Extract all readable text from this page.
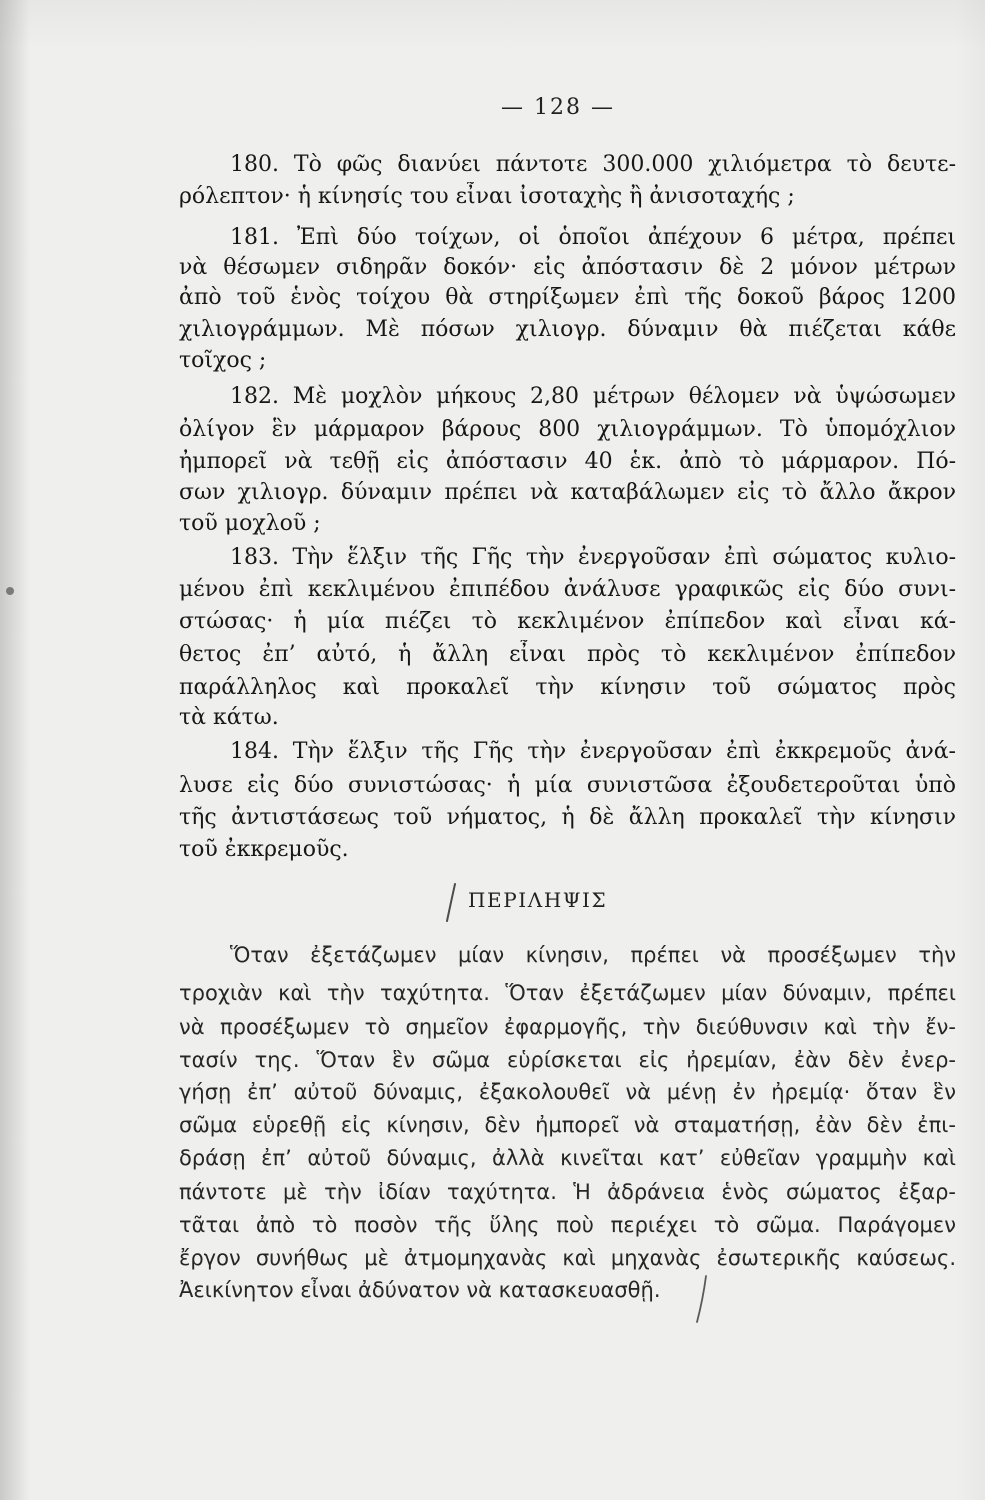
— 128 —
180. Τὸ φῶς διανύει πάντοτε 300.000 χιλιόμετρα τὸ δευτε-
ρόλεπτον· ἡ κίνησίς του εἶναι ἰσοταχὴς ἢ ἀνισοταχής ;
181. Ἐπὶ δύο τοίχων, οἱ ὁποῖοι ἀπέχουν 6 μέτρα, πρέπει
νὰ θέσωμεν σιδηρᾶν δοκόν· εἰς ἀπόστασιν δὲ 2 μόνον μέτρων
ἀπὸ τοῦ ἑνὸς τοίχου θὰ στηρίξωμεν ἐπὶ τῆς δοκοῦ βάρος 1200
χιλιογράμμων. Μὲ πόσων χιλιογρ. δύναμιν θὰ πιέζεται κάθε
τοῖχος ;
182. Μὲ μοχλὸν μήκους 2,80 μέτρων θέλομεν νὰ ὑψώσωμεν
ὀλίγον ἓν μάρμαρον βάρους 800 χιλιογράμμων. Τὸ ὑπομόχλιον
ἠμπορεῖ νὰ τεθῇ εἰς ἀπόστασιν 40 ἑκ. ἀπὸ τὸ μάρμαρον. Πό-
σων χιλιογρ. δύναμιν πρέπει νὰ καταβάλωμεν εἰς τὸ ἄλλο ἄκρον
τοῦ μοχλοῦ ;
183. Τὴν ἕλξιν τῆς Γῆς τὴν ἐνεργοῦσαν ἐπὶ σώματος κυλιο-
μένου ἐπὶ κεκλιμένου ἐπιπέδου ἀνάλυσε γραφικῶς εἰς δύο συνι-
στώσας· ἡ μία πιέζει τὸ κεκλιμένον ἐπίπεδον καὶ εἶναι κά-
θετος ἐπ’ αὐτό, ἡ ἄλλη εἶναι πρὸς τὸ κεκλιμένον ἐπίπεδον
παράλληλος καὶ προκαλεῖ τὴν κίνησιν τοῦ σώματος πρὸς
τὰ κάτω.
184. Τὴν ἕλξιν τῆς Γῆς τὴν ἐνεργοῦσαν ἐπὶ ἐκκρεμοῦς ἀνά-
λυσε εἰς δύο συνιστώσας· ἡ μία συνιστῶσα ἐξουδετεροῦται ὑπὸ
τῆς ἀντιστάσεως τοῦ νήματος, ἡ δὲ ἄλλη προκαλεῖ τὴν κίνησιν
τοῦ ἐκκρεμοῦς.
ΠΕΡΙΛΗΨΙΣ
Ὅταν ἐξετάζωμεν μίαν κίνησιν, πρέπει νὰ προσέξωμεν τὴν
τροχιὰν καὶ τὴν ταχύτητα. Ὅταν ἐξετάζωμεν μίαν δύναμιν, πρέπει
νὰ προσέξωμεν τὸ σημεῖον ἐφαρμογῆς, τὴν διεύθυνσιν καὶ τὴν ἔν-
τασίν της. Ὅταν ἓν σῶμα εὑρίσκεται εἰς ἠρεμίαν, ἐὰν δὲν ἐνερ-
γήσῃ ἐπ’ αὐτοῦ δύναμις, ἐξακολουθεῖ νὰ μένῃ ἐν ἠρεμίᾳ· ὅταν ἓν
σῶμα εὑρεθῇ εἰς κίνησιν, δὲν ἠμπορεῖ νὰ σταματήσῃ, ἐὰν δὲν ἐπι-
δράσῃ ἐπ’ αὐτοῦ δύναμις, ἀλλὰ κινεῖται κατ’ εὐθεῖαν γραμμὴν καὶ
πάντοτε μὲ τὴν ἰδίαν ταχύτητα. Ἡ ἀδράνεια ἑνὸς σώματος ἐξαρ-
τᾶται ἀπὸ τὸ ποσὸν τῆς ὕλης ποὺ περιέχει τὸ σῶμα. Παράγομεν
ἔργον συνήθως μὲ ἀτμομηχανὰς καὶ μηχανὰς ἐσωτερικῆς καύσεως.
Ἀεικίνητον εἶναι ἀδύνατον νὰ κατασκευασθῇ.
